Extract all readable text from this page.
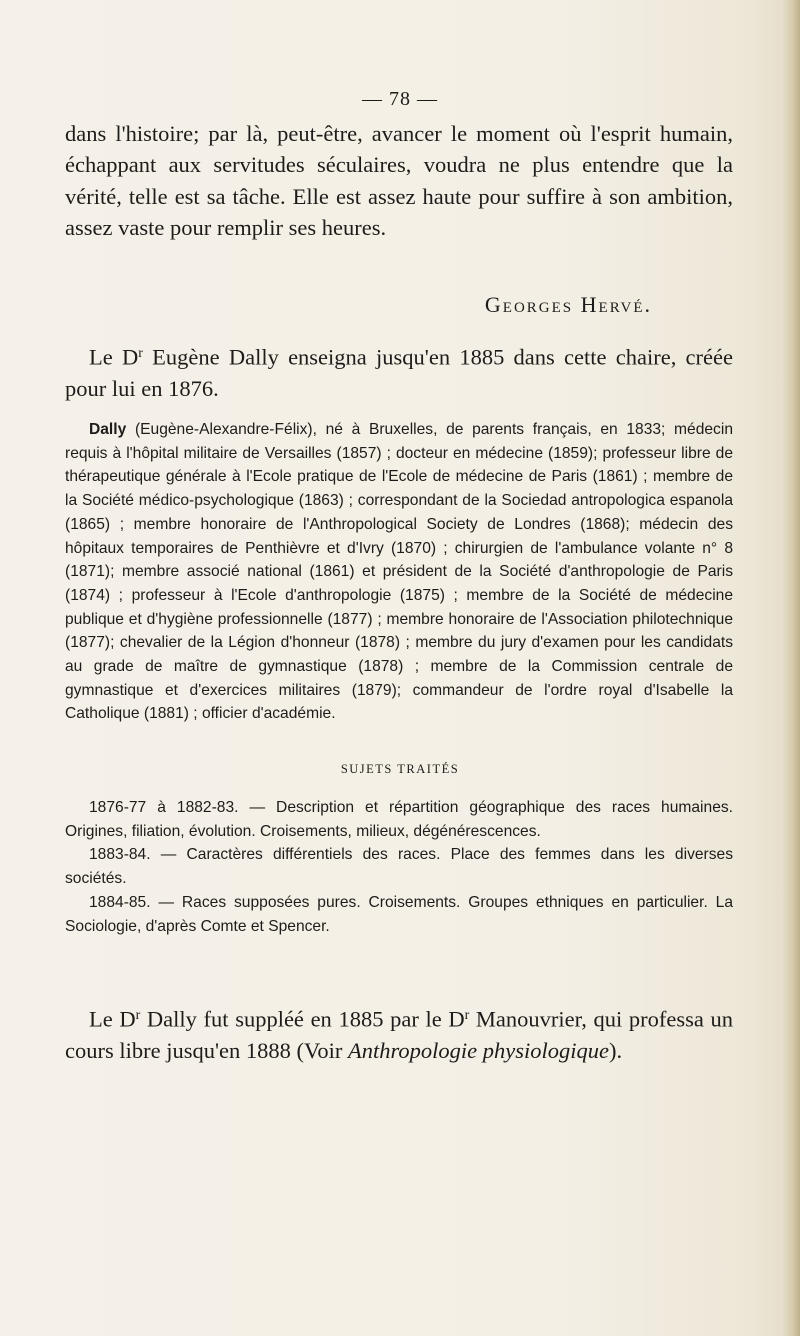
— 78 —

dans l'histoire; par là, peut-être, avancer le moment où l'esprit humain, échappant aux servitudes séculaires, voudra ne plus entendre que la vérité, telle est sa tâche. Elle est assez haute pour suffire à son ambition, assez vaste pour remplir ses heures.

Georges Hervé.

Le $D^r$ Eugène Dally enseigna jusqu'en 1885 dans cette chaire, créée pour lui en 1876.

Dally (Eugène-Alexandre-Félix), né à Bruxelles, de parents français, en 1833; médecin requis à l'hôpital militaire de Versailles (1857) ; docteur en médecine (1859); professeur libre de thérapeutique générale à l'Ecole pratique de l'Ecole de médecine de Paris (1861) ; membre de la Société médico-psychologique (1863) ; correspondant de la Sociedad antropologica espanola (1865) ; membre honoraire de l'Anthropological Society de Londres (1868); médecin des hôpitaux temporaires de Penthièvre et d'Ivry (1870) ; chirurgien de l'ambulance volante n° 8 (1871); membre associé national (1861) et président de la Société d'anthropologie de Paris (1874) ; professeur à l'Ecole d'anthropologie (1875) ; membre de la Société de médecine publique et d'hygiène professionnelle (1877) ; membre honoraire de l'Association philotechnique (1877); chevalier de la Légion d'honneur (1878) ; membre du jury d'examen pour les candidats au grade de maître de gymnastique (1878) ; membre de la Commission centrale de gymnastique et d'exercices militaires (1879); commandeur de l'ordre royal d'Isabelle la Catholique (1881) ; officier d'académie.

SUJETS TRAITÉS

1876-77 à 1882-83. — Description et répartition géographique des races humaines. Origines, filiation, évolution. Croisements, milieux, dégénérescences.

1883-84. — Caractères différentiels des races. Place des femmes dans les diverses sociétés.

1884-85. — Races supposées pures. Croisements. Groupes ethniques en particulier. La Sociologie, d'après Comte et Spencer.

Le $D^r$ Dally fut suppléé en 1885 par le $D^r$ Manouvrier, qui professa un cours libre jusqu'en 1888 (Voir Anthropologie physiologique).
